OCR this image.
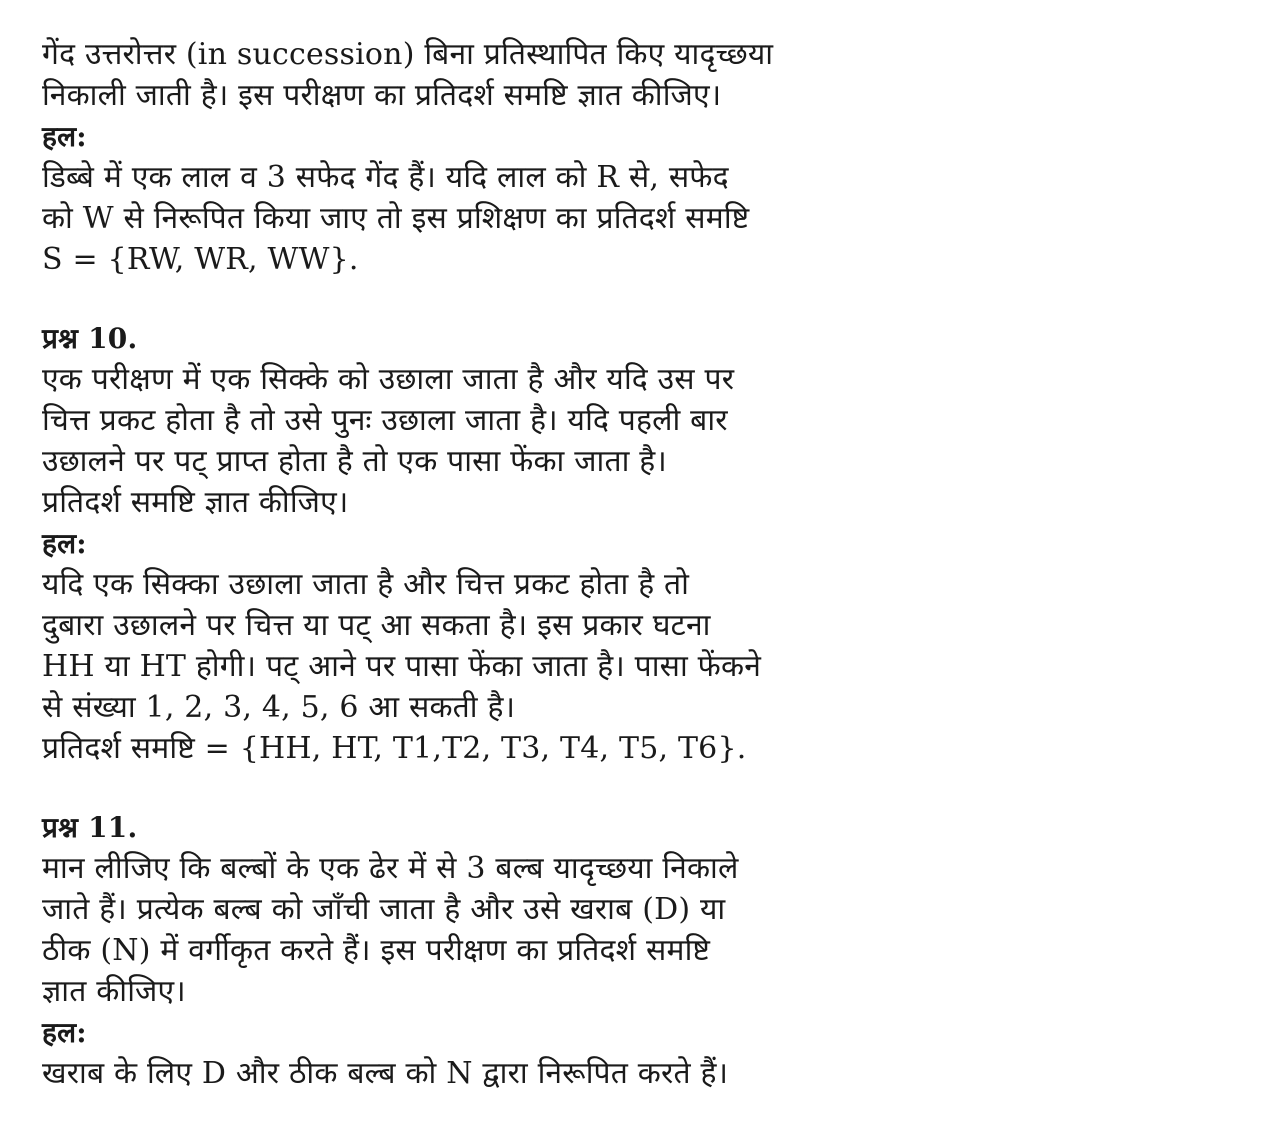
गेंद उत्तरोत्तर (in succession) बिना प्रतिस्थापित किए यादृच्छया
निकाली जाती है। इस परीक्षण का प्रतिदर्श समष्टि ज्ञात कीजिए।
हल:
डिब्बे में एक लाल व 3 सफेद गेंद हैं। यदि लाल को R से, सफेद
को W से निरूपित किया जाए तो इस प्रशिक्षण का प्रतिदर्श समष्टि
S = {RW, WR, WW}.
प्रश्न 10.
एक परीक्षण में एक सिक्के को उछाला जाता है और यदि उस पर
चित्त प्रकट होता है तो उसे पुनः उछाला जाता है। यदि पहली बार
उछालने पर पट् प्राप्त होता है तो एक पासा फेंका जाता है।
प्रतिदर्श समष्टि ज्ञात कीजिए।
हल:
यदि एक सिक्का उछाला जाता है और चित्त प्रकट होता है तो
दुबारा उछालने पर चित्त या पट् आ सकता है। इस प्रकार घटना
HH या HT होगी। पट् आने पर पासा फेंका जाता है। पासा फेंकने
से संख्या 1, 2, 3, 4, 5, 6 आ सकती है।
प्रतिदर्श समष्टि = {HH, HT, T1,T2, T3, T4, T5, T6}.
प्रश्न 11.
मान लीजिए कि बल्बों के एक ढेर में से 3 बल्ब यादृच्छया निकाले
जाते हैं। प्रत्येक बल्ब को जाँची जाता है और उसे खराब (D) या
ठीक (N) में वर्गीकृत करते हैं। इस परीक्षण का प्रतिदर्श समष्टि
ज्ञात कीजिए।
हल:
खराब के लिए D और ठीक बल्ब को N द्वारा निरूपित करते हैं।
